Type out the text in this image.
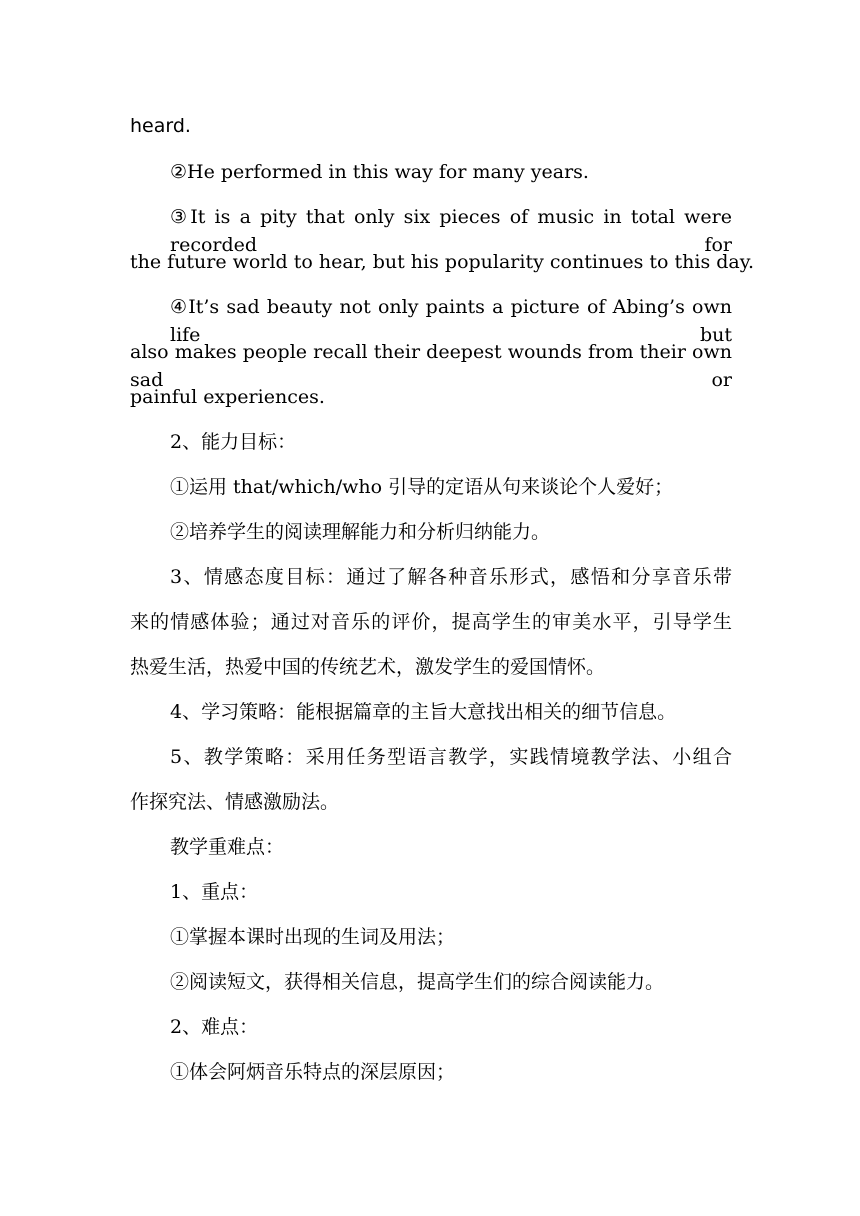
heard.
②He performed in this way for many years.
③It is a pity that only six pieces of music in total were recorded for
the future world to hear, but his popularity continues to this day.
④It’s sad beauty not only paints a picture of Abing’s own life but
also makes people recall their deepest wounds from their own sad or
painful experiences.
2、能力目标：
①运用 that/which/who 引导的定语从句来谈论个人爱好；
②培养学生的阅读理解能力和分析归纳能力。
3、情感态度目标：通过了解各种音乐形式，感悟和分享音乐带
来的情感体验；通过对音乐的评价，提高学生的审美水平，引导学生
热爱生活，热爱中国的传统艺术，激发学生的爱国情怀。
4、学习策略：能根据篇章的主旨大意找出相关的细节信息。
5、教学策略：采用任务型语言教学，实践情境教学法、小组合
作探究法、情感激励法。
教学重难点：
1、重点：
①掌握本课时出现的生词及用法；
②阅读短文，获得相关信息，提高学生们的综合阅读能力。
2、难点：
①体会阿炳音乐特点的深层原因；
